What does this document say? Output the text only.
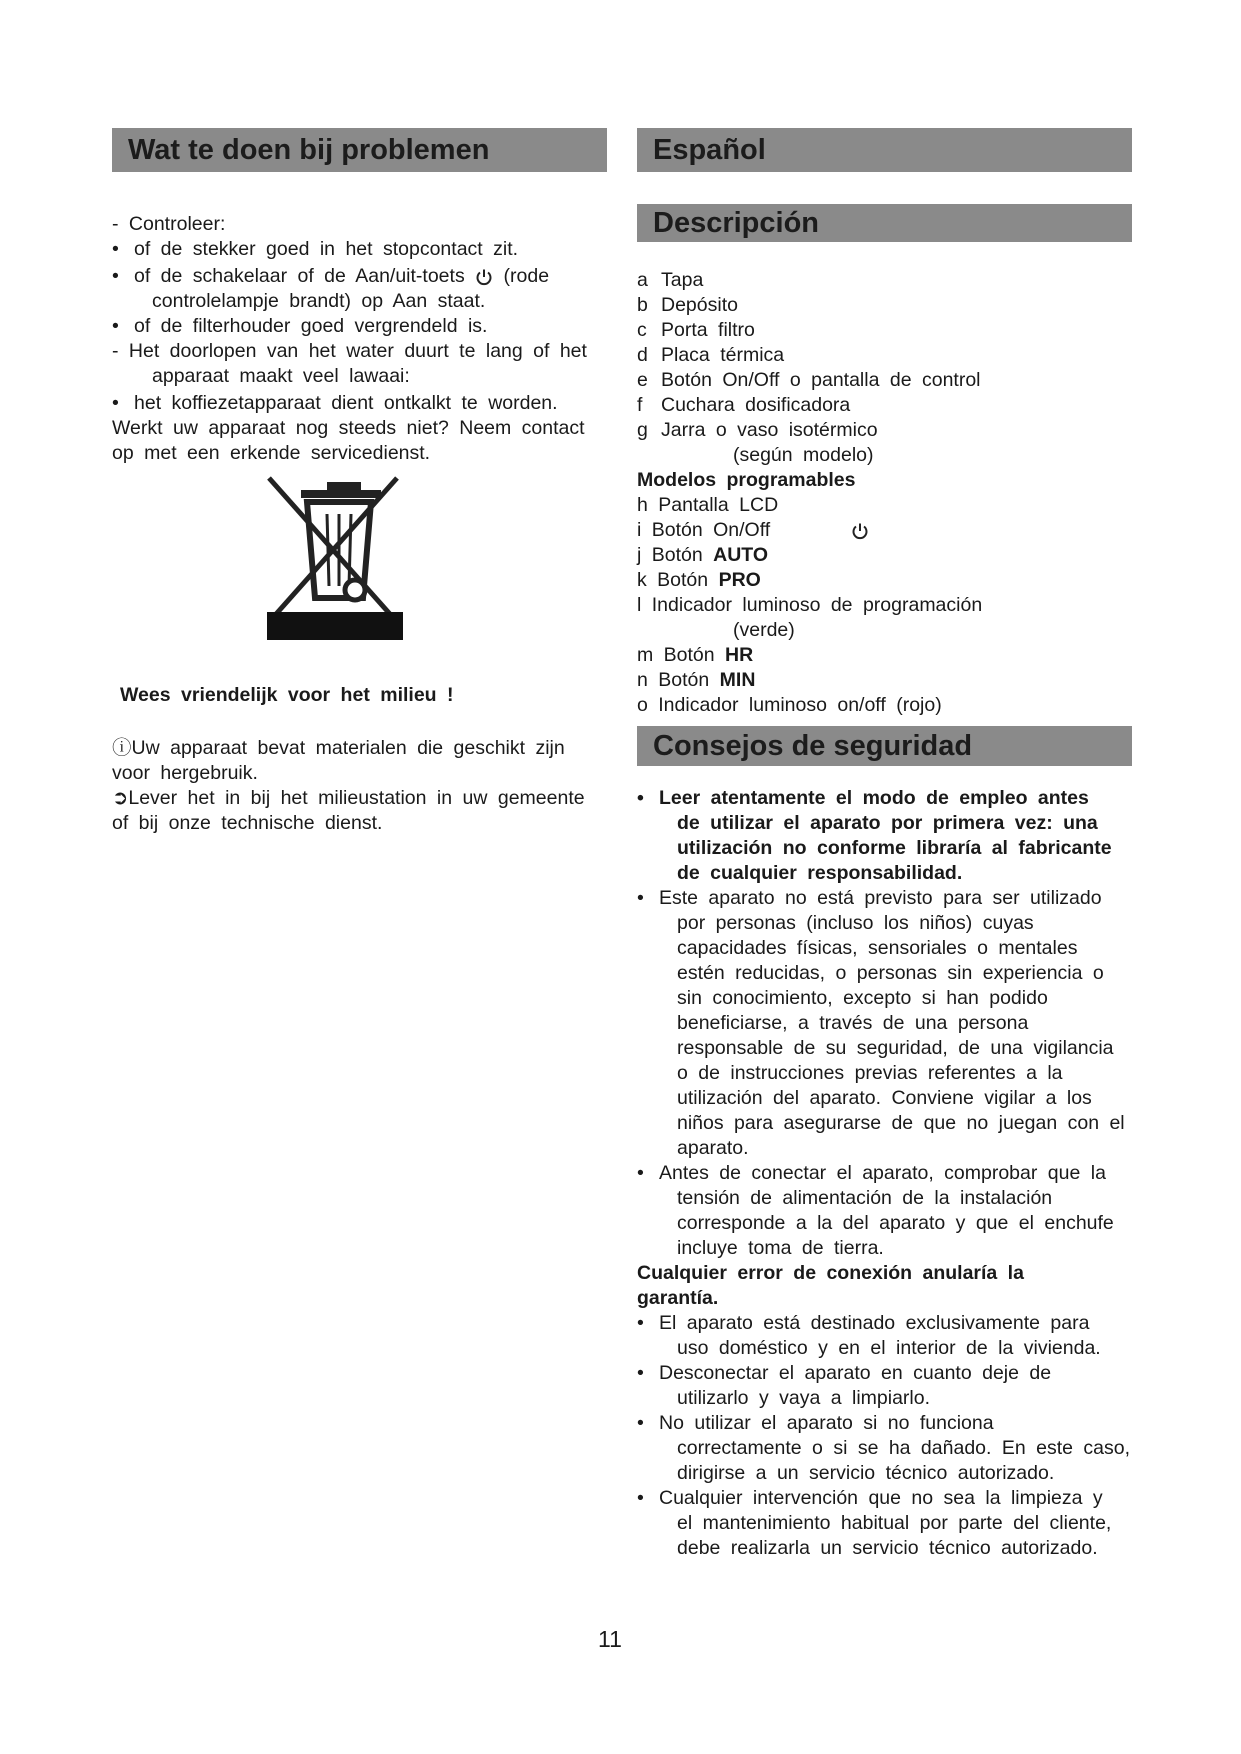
Wat te doen bij problemen
- Controleer:
• of de stekker goed in het stopcontact zit.
• of de schakelaar of de Aan/uit-toets (rode
controlelampje brandt) op Aan staat.
• of de filterhouder goed vergrendeld is.
- Het doorlopen van het water duurt te lang of het
apparaat maakt veel lawaai:
• het koffiezetapparaat dient ontkalkt te worden.
Werkt uw apparaat nog steeds niet? Neem contact
op met een erkende servicedienst.
Wees vriendelijk voor het milieu !
ⓘUw apparaat bevat materialen die geschikt zijn
voor hergebruik.
➲Lever het in bij het milieustation in uw gemeente
of bij onze technische dienst.
Español
Descripción
a Tapa
b Depósito
c Porta filtro
d Placa térmica
e Botón On/Off o pantalla de control
f Cuchara dosificadora
g Jarra o vaso isotérmico
(según modelo)
Modelos programables
h Pantalla LCD
i Botón On/Off
j Botón AUTO
k Botón PRO
l Indicador luminoso de programación
(verde)
m Botón HR
n Botón MIN
o Indicador luminoso on/off (rojo)
Consejos de seguridad
• Leer atentamente el modo de empleo antes
de utilizar el aparato por primera vez: una
utilización no conforme libraría al fabricante
de cualquier responsabilidad.
• Este aparato no está previsto para ser utilizado
por personas (incluso los niños) cuyas
capacidades físicas, sensoriales o mentales
estén reducidas, o personas sin experiencia o
sin conocimiento, excepto si han podido
beneficiarse, a través de una persona
responsable de su seguridad, de una vigilancia
o de instrucciones previas referentes a la
utilización del aparato. Conviene vigilar a los
niños para asegurarse de que no juegan con el
aparato.
• Antes de conectar el aparato, comprobar que la
tensión de alimentación de la instalación
corresponde a la del aparato y que el enchufe
incluye toma de tierra.
Cualquier error de conexión anularía la
garantía.
• El aparato está destinado exclusivamente para
uso doméstico y en el interior de la vivienda.
• Desconectar el aparato en cuanto deje de
utilizarlo y vaya a limpiarlo.
• No utilizar el aparato si no funciona
correctamente o si se ha dañado. En este caso,
dirigirse a un servicio técnico autorizado.
• Cualquier intervención que no sea la limpieza y
el mantenimiento habitual por parte del cliente,
debe realizarla un servicio técnico autorizado.
11
